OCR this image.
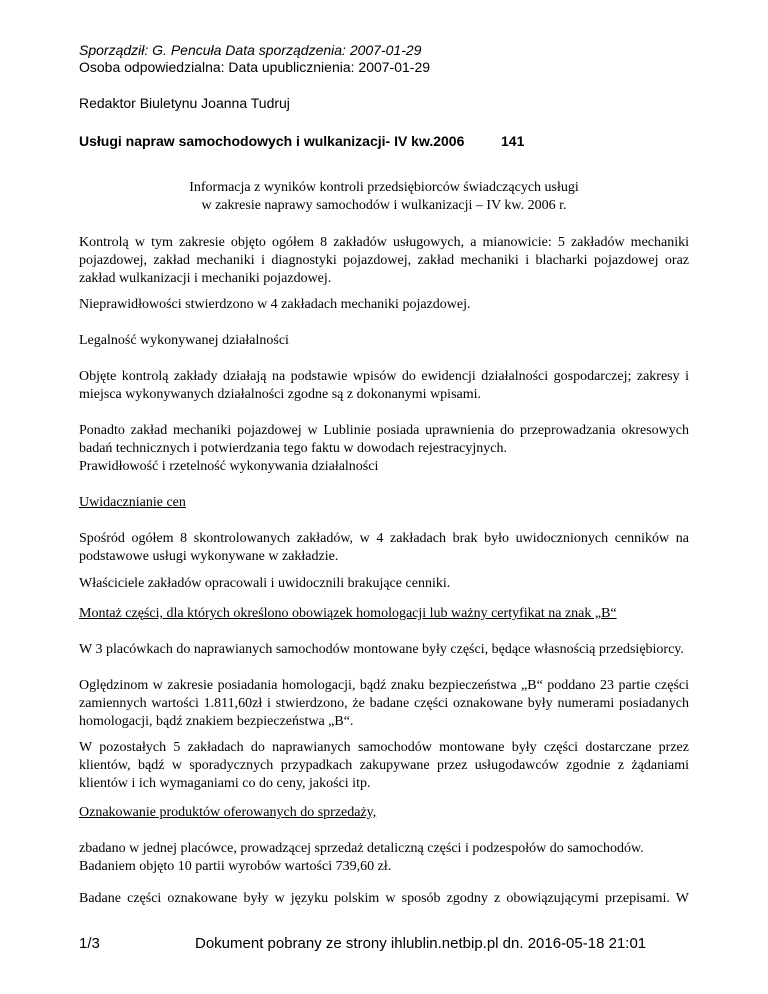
Sporządził: G. Pencuła Data sporządzenia: 2007-01-29
Osoba odpowiedzialna: Data upublicznienia: 2007-01-29
Redaktor Biuletynu Joanna Tudruj
Usługi napraw samochodowych i wulkanizacji- IV kw.2006	141
Informacja z wyników kontroli przedsiębiorców świadczących usługi
w zakresie naprawy samochodów i wulkanizacji – IV kw. 2006 r.
Kontrolą w tym zakresie objęto ogółem 8 zakładów usługowych, a mianowicie: 5 zakładów mechaniki pojazdowej, zakład mechaniki i diagnostyki pojazdowej, zakład mechaniki i blacharki pojazdowej oraz zakład wulkanizacji i mechaniki pojazdowej.
Nieprawidłowości stwierdzono w 4 zakładach mechaniki pojazdowej.
Legalność wykonywanej działalności
Objęte kontrolą zakłady działają na podstawie wpisów do ewidencji działalności gospodarczej; zakresy i miejsca wykonywanych działalności zgodne są z dokonanymi wpisami.
Ponadto zakład mechaniki pojazdowej w Lublinie posiada uprawnienia do przeprowadzania okresowych badań technicznych i potwierdzania tego faktu w dowodach rejestracyjnych.
Prawidłowość i rzetelność wykonywania działalności
Uwidacznianie cen
Spośród ogółem 8 skontrolowanych zakładów, w 4 zakładach brak było uwidocznionych cenników na podstawowe usługi wykonywane w zakładzie.
Właściciele zakładów opracowali i uwidocznili brakujące cenniki.
Montaż części, dla których określono obowiązek homologacji lub ważny certyfikat na znak „B“
W 3 placówkach do naprawianych samochodów montowane były części, będące własnością przedsiębiorcy.
Oględzinom w zakresie posiadania homologacji, bądź znaku bezpieczeństwa „B“ poddano 23 partie części zamiennych wartości 1.811,60zł i stwierdzono, że badane części oznakowane były numerami posiadanych homologacji, bądź znakiem bezpieczeństwa „B“.
W pozostałych 5 zakładach do naprawianych samochodów montowane były części dostarczane przez klientów, bądź w sporadycznych przypadkach zakupywane przez usługodawców zgodnie z żądaniami klientów i ich wymaganiami co do ceny, jakości itp.
Oznakowanie produktów oferowanych do sprzedaży,
zbadano w jednej placówce, prowadzącej sprzedaż detaliczną części i podzespołów do samochodów.
Badaniem objęto 10 partii wyrobów wartości 739,60 zł.
Badane części oznakowane były w języku polskim w sposób zgodny z obowiązującymi przepisami. W
1/3	Dokument pobrany ze strony ihlublin.netbip.pl dn. 2016-05-18 21:01
